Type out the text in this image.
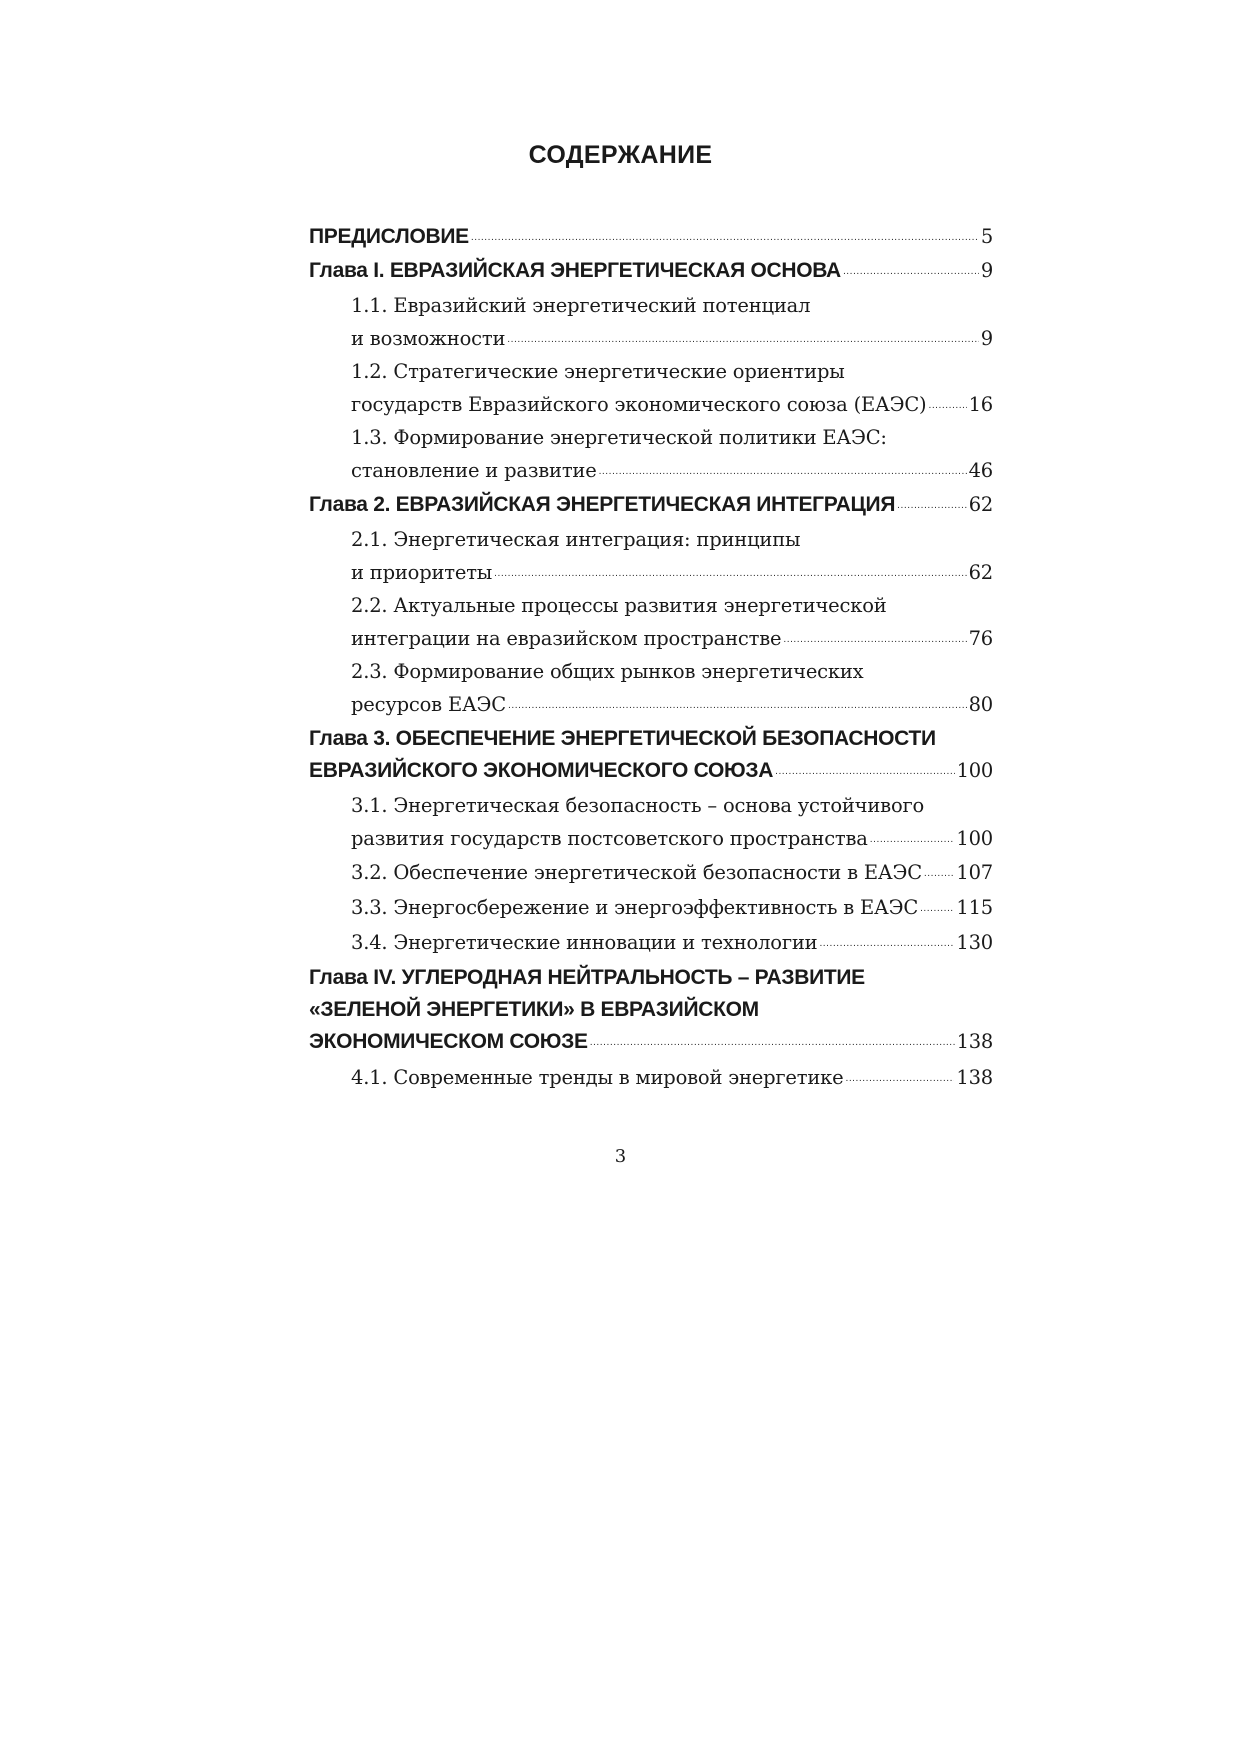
СОДЕРЖАНИЕ
ПРЕДИСЛОВИЕ .....	5
Глава I. ЕВРАЗИЙСКАЯ ЭНЕРГЕТИЧЕСКАЯ ОСНОВА .....	9
1.1. Евразийский энергетический потенциал
и возможности .....	9
1.2. Стратегические энергетические ориентиры
государств Евразийского экономического союза (ЕАЭС) ..... 16
1.3. Формирование энергетической политики ЕАЭС:
становление и развитие .....	46
Глава 2. ЕВРАЗИЙСКАЯ ЭНЕРГЕТИЧЕСКАЯ ИНТЕГРАЦИЯ .....	62
2.1. Энергетическая интеграция: принципы
и приоритеты .....	62
2.2. Актуальные процессы развития энергетической
интеграции на евразийском пространстве .....	76
2.3. Формирование общих рынков энергетических
ресурсов ЕАЭС .....	80
Глава 3. ОБЕСПЕЧЕНИЕ ЭНЕРГЕТИЧЕСКОЙ БЕЗОПАСНОСТИ
ЕВРАЗИЙСКОГО ЭКОНОМИЧЕСКОГО СОЮЗА .....	100
3.1. Энергетическая безопасность – основа устойчивого
развития государств постсоветского пространства .....	100
3.2. Обеспечение энергетической безопасности в ЕАЭС ..... 107
3.3. Энергосбережение и энергоэффективность в ЕАЭС ..... 115
3.4. Энергетические инновации и технологии .....	130
Глава IV. УГЛЕРОДНАЯ НЕЙТРАЛЬНОСТЬ – РАЗВИТИЕ
«ЗЕЛЕНОЙ ЭНЕРГЕТИКИ» В ЕВРАЗИЙСКОМ
ЭКОНОМИЧЕСКОМ СОЮЗЕ .....	138
4.1. Современные тренды в мировой энергетике .....	138
3
